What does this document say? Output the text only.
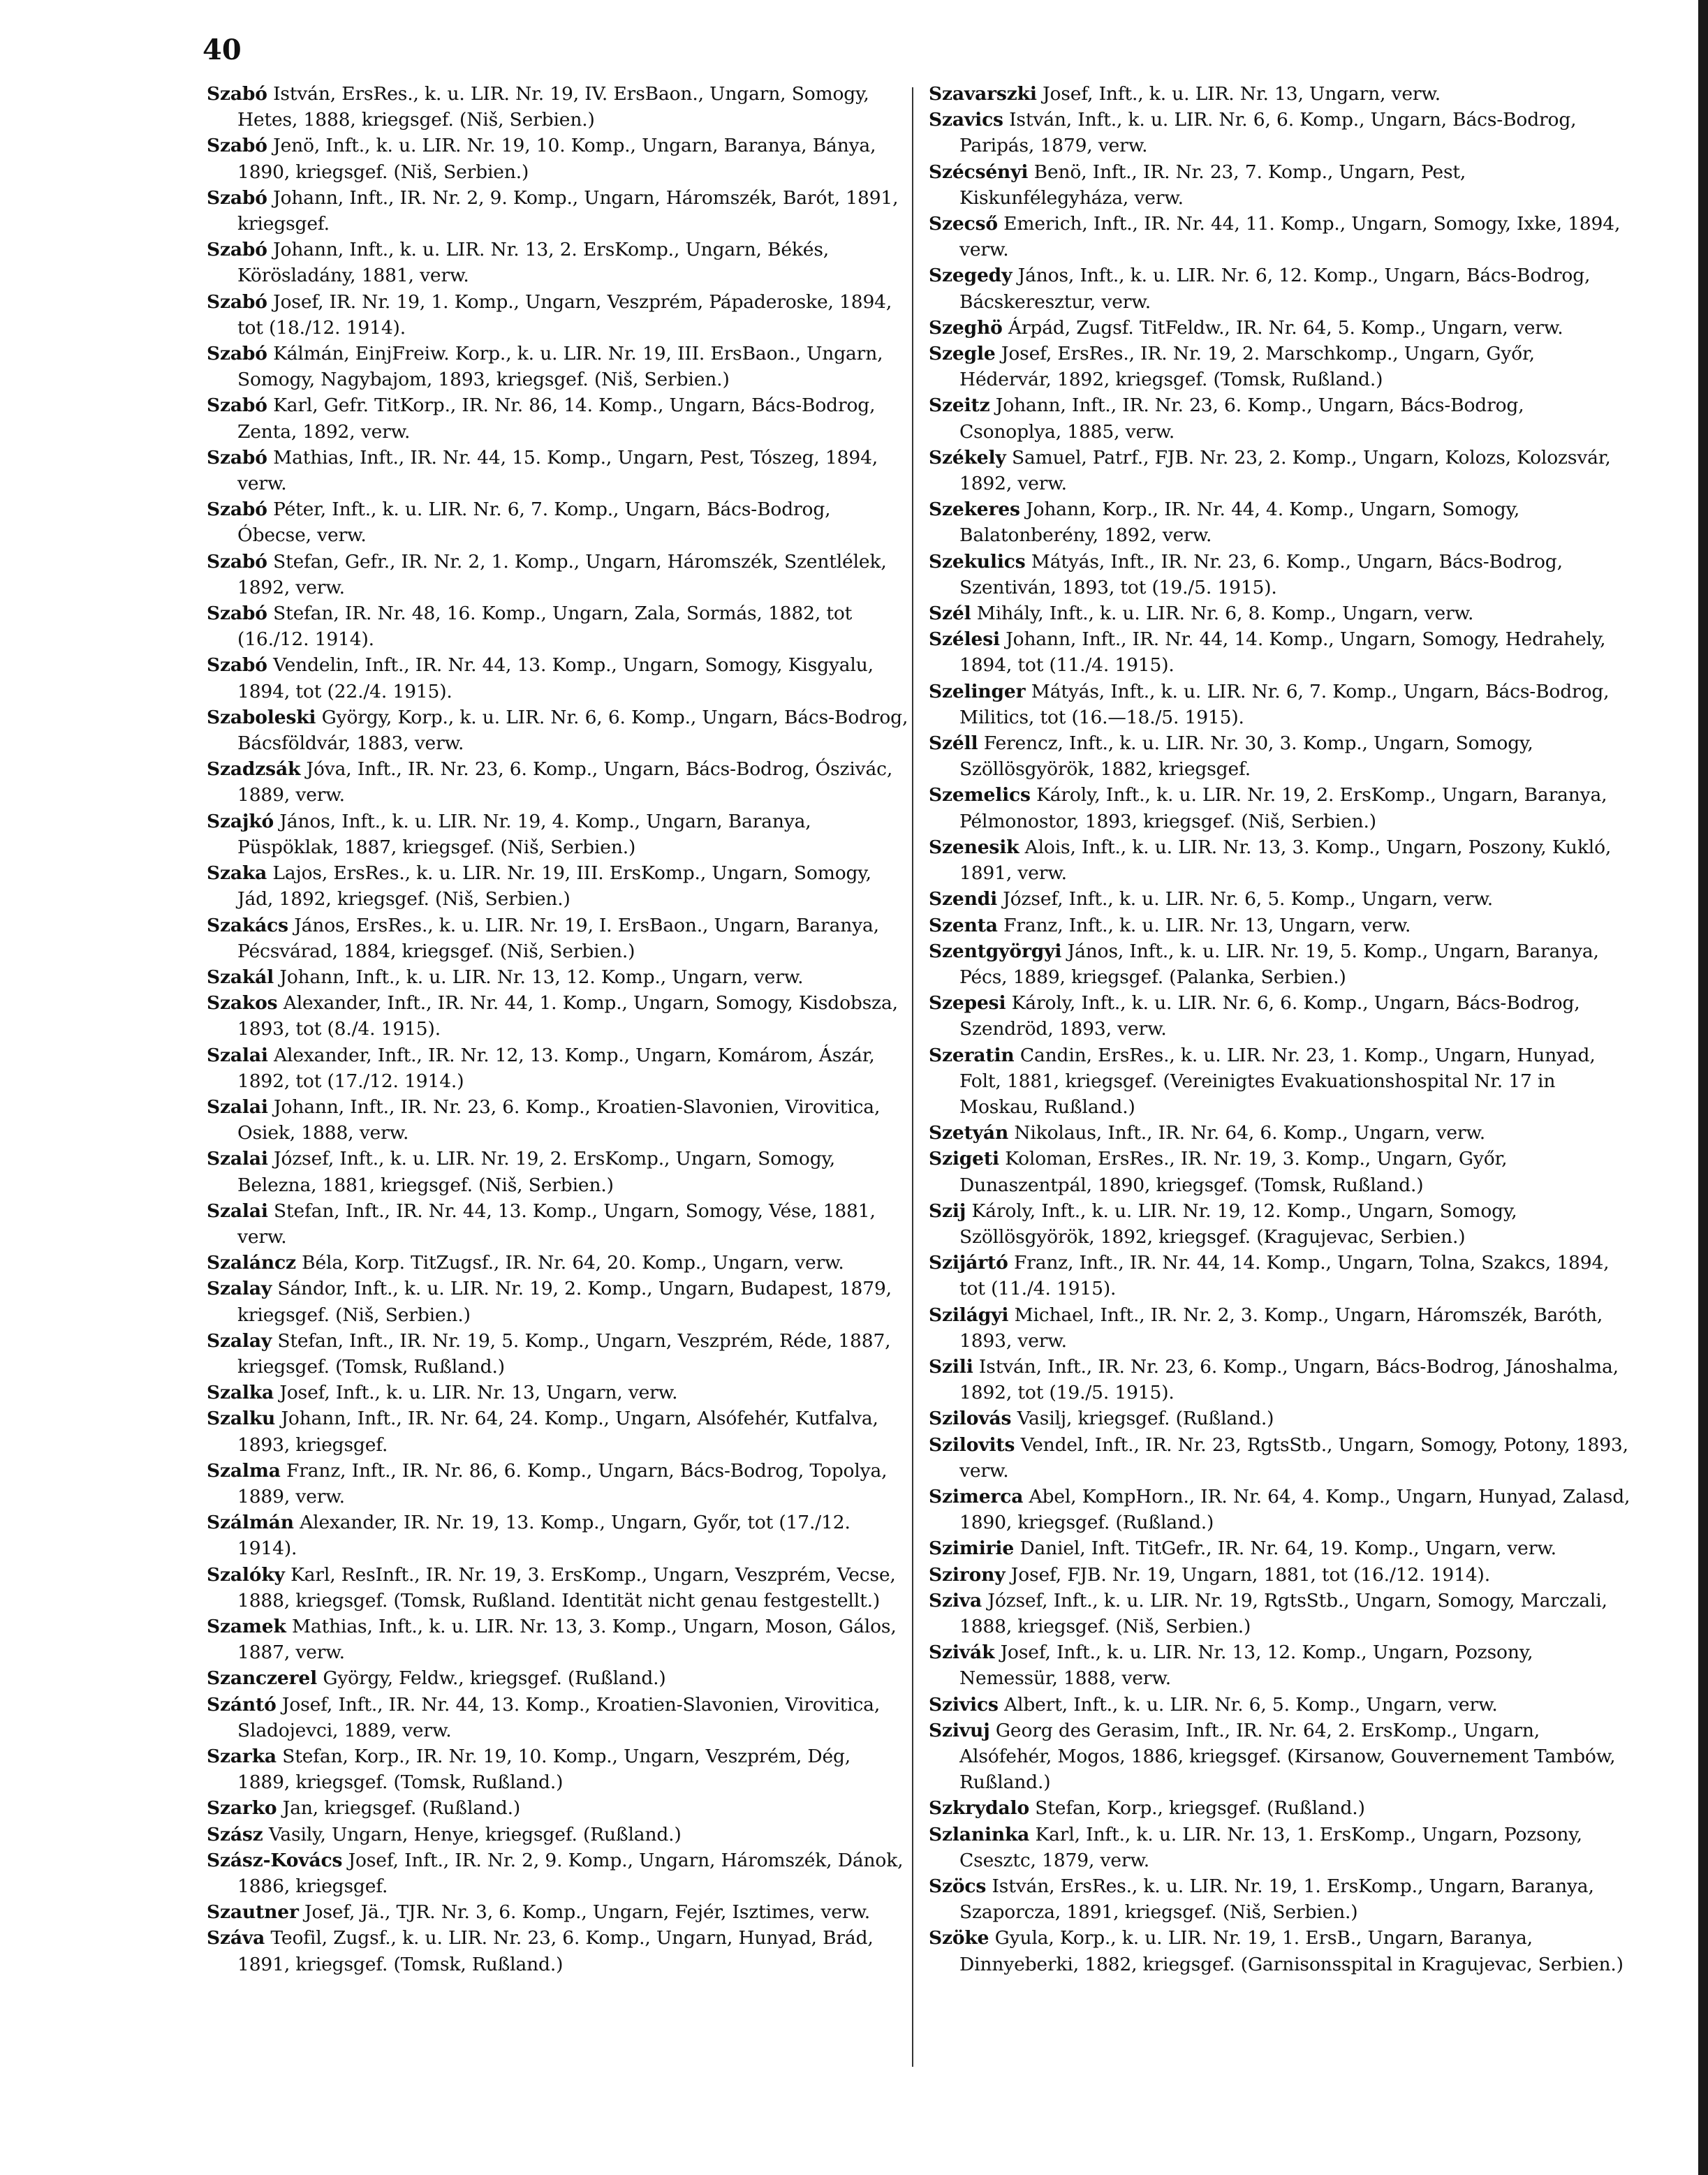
40
Szabó István, ErsRes., k. u. LIR. Nr. 19, IV. ErsBaon., Ungarn, Somogy, Hetes, 1888, kriegsgef. (Niš, Serbien.)
Szabó Jenö, Inft., k. u. LIR. Nr. 19, 10. Komp., Ungarn, Baranya, Bánya, 1890, kriegsgef. (Niš, Serbien.)
Szabó Johann, Inft., IR. Nr. 2, 9. Komp., Ungarn, Háromszék, Barót, 1891, kriegsgef.
Szabó Johann, Inft., k. u. LIR. Nr. 13, 2. ErsKomp., Ungarn, Békés, Körösladány, 1881, verw.
Szabó Josef, IR. Nr. 19, 1. Komp., Ungarn, Veszprém, Pápaderoske, 1894, tot (18./12. 1914).
Szabó Kálmán, EinjFreiw. Korp., k. u. LIR. Nr. 19, III. ErsBaon., Ungarn, Somogy, Nagybajom, 1893, kriegsgef. (Niš, Serbien.)
Szabó Karl, Gefr. TitKorp., IR. Nr. 86, 14. Komp., Ungarn, Bács-Bodrog, Zenta, 1892, verw.
Szabó Mathias, Inft., IR. Nr. 44, 15. Komp., Ungarn, Pest, Tószeg, 1894, verw.
Szabó Péter, Inft., k. u. LIR. Nr. 6, 7. Komp., Ungarn, Bács-Bodrog, Óbecse, verw.
Szabó Stefan, Gefr., IR. Nr. 2, 1. Komp., Ungarn, Háromszék, Szentlélek, 1892, verw.
Szabó Stefan, IR. Nr. 48, 16. Komp., Ungarn, Zala, Sormás, 1882, tot (16./12. 1914).
Szabó Vendelin, Inft., IR. Nr. 44, 13. Komp., Ungarn, Somogy, Kisgyalu, 1894, tot (22./4. 1915).
Szaboleski György, Korp., k. u. LIR. Nr. 6, 6. Komp., Ungarn, Bács-Bodrog, Bácsföldvár, 1883, verw.
Szadzsák Jóva, Inft., IR. Nr. 23, 6. Komp., Ungarn, Bács-Bodrog, Ószivác, 1889, verw.
Szajkó János, Inft., k. u. LIR. Nr. 19, 4. Komp., Ungarn, Baranya, Püspöklak, 1887, kriegsgef. (Niš, Serbien.)
Szaka Lajos, ErsRes., k. u. LIR. Nr. 19, III. ErsKomp., Ungarn, Somogy, Jád, 1892, kriegsgef. (Niš, Serbien.)
Szakács János, ErsRes., k. u. LIR. Nr. 19, I. ErsBaon., Ungarn, Baranya, Pécsvárad, 1884, kriegsgef. (Niš, Serbien.)
Szakál Johann, Inft., k. u. LIR. Nr. 13, 12. Komp., Ungarn, verw.
Szakos Alexander, Inft., IR. Nr. 44, 1. Komp., Ungarn, Somogy, Kisdobsza, 1893, tot (8./4. 1915).
Szalai Alexander, Inft., IR. Nr. 12, 13. Komp., Ungarn, Komárom, Ászár, 1892, tot (17./12. 1914.)
Szalai Johann, Inft., IR. Nr. 23, 6. Komp., Kroatien-Slavonien, Virovitica, Osiek, 1888, verw.
Szalai József, Inft., k. u. LIR. Nr. 19, 2. ErsKomp., Ungarn, Somogy, Belezna, 1881, kriegsgef. (Niš, Serbien.)
Szalai Stefan, Inft., IR. Nr. 44, 13. Komp., Ungarn, Somogy, Vése, 1881, verw.
Szaláncz Béla, Korp. TitZugsf., IR. Nr. 64, 20. Komp., Ungarn, verw.
Szalay Sándor, Inft., k. u. LIR. Nr. 19, 2. Komp., Ungarn, Budapest, 1879, kriegsgef. (Niš, Serbien.)
Szalay Stefan, Inft., IR. Nr. 19, 5. Komp., Ungarn, Veszprém, Réde, 1887, kriegsgef. (Tomsk, Rußland.)
Szalka Josef, Inft., k. u. LIR. Nr. 13, Ungarn, verw.
Szalku Johann, Inft., IR. Nr. 64, 24. Komp., Ungarn, Alsófehér, Kutfalva, 1893, kriegsgef.
Szalma Franz, Inft., IR. Nr. 86, 6. Komp., Ungarn, Bács-Bodrog, Topolya, 1889, verw.
Szálmán Alexander, IR. Nr. 19, 13. Komp., Ungarn, Győr, tot (17./12. 1914).
Szalóky Karl, ResInft., IR. Nr. 19, 3. ErsKomp., Ungarn, Veszprém, Vecse, 1888, kriegsgef. (Tomsk, Rußland. Identität nicht genau festgestellt.)
Szamek Mathias, Inft., k. u. LIR. Nr. 13, 3. Komp., Ungarn, Moson, Gálos, 1887, verw.
Szanczerel György, Feldw., kriegsgef. (Rußland.)
Szántó Josef, Inft., IR. Nr. 44, 13. Komp., Kroatien-Slavonien, Virovitica, Sladojevci, 1889, verw.
Szarka Stefan, Korp., IR. Nr. 19, 10. Komp., Ungarn, Veszprém, Dég, 1889, kriegsgef. (Tomsk, Rußland.)
Szarko Jan, kriegsgef. (Rußland.)
Szász Vasily, Ungarn, Henye, kriegsgef. (Rußland.)
Szász-Kovács Josef, Inft., IR. Nr. 2, 9. Komp., Ungarn, Háromszék, Dánok, 1886, kriegsgef.
Szautner Josef, Jä., TJR. Nr. 3, 6. Komp., Ungarn, Fejér, Isztimes, verw.
Száva Teofil, Zugsf., k. u. LIR. Nr. 23, 6. Komp., Ungarn, Hunyad, Brád, 1891, kriegsgef. (Tomsk, Rußland.)
Szavarszki Josef, Inft., k. u. LIR. Nr. 13, Ungarn, verw.
Szavics István, Inft., k. u. LIR. Nr. 6, 6. Komp., Ungarn, Bács-Bodrog, Paripás, 1879, verw.
Szécsényi Benö, Inft., IR. Nr. 23, 7. Komp., Ungarn, Pest, Kiskunfélegyháza, verw.
Szecső Emerich, Inft., IR. Nr. 44, 11. Komp., Ungarn, Somogy, Ixke, 1894, verw.
Szegedy János, Inft., k. u. LIR. Nr. 6, 12. Komp., Ungarn, Bács-Bodrog, Bácskeresztur, verw.
Szeghö Árpád, Zugsf. TitFeldw., IR. Nr. 64, 5. Komp., Ungarn, verw.
Szegle Josef, ErsRes., IR. Nr. 19, 2. Marschkomp., Ungarn, Győr, Hédervár, 1892, kriegsgef. (Tomsk, Rußland.)
Szeitz Johann, Inft., IR. Nr. 23, 6. Komp., Ungarn, Bács-Bodrog, Csonoplya, 1885, verw.
Székely Samuel, Patrf., FJB. Nr. 23, 2. Komp., Ungarn, Kolozs, Kolozsvár, 1892, verw.
Szekeres Johann, Korp., IR. Nr. 44, 4. Komp., Ungarn, Somogy, Balatonberény, 1892, verw.
Szekulics Mátyás, Inft., IR. Nr. 23, 6. Komp., Ungarn, Bács-Bodrog, Szentiván, 1893, tot (19./5. 1915).
Szél Mihály, Inft., k. u. LIR. Nr. 6, 8. Komp., Ungarn, verw.
Szélesi Johann, Inft., IR. Nr. 44, 14. Komp., Ungarn, Somogy, Hedrahely, 1894, tot (11./4. 1915).
Szelinger Mátyás, Inft., k. u. LIR. Nr. 6, 7. Komp., Ungarn, Bács-Bodrog, Militics, tot (16.—18./5. 1915).
Széll Ferencz, Inft., k. u. LIR. Nr. 30, 3. Komp., Ungarn, Somogy, Szöllösgyörök, 1882, kriegsgef.
Szemelics Károly, Inft., k. u. LIR. Nr. 19, 2. ErsKomp., Ungarn, Baranya, Pélmonostor, 1893, kriegsgef. (Niš, Serbien.)
Szenesik Alois, Inft., k. u. LIR. Nr. 13, 3. Komp., Ungarn, Poszony, Kukló, 1891, verw.
Szendi József, Inft., k. u. LIR. Nr. 6, 5. Komp., Ungarn, verw.
Szenta Franz, Inft., k. u. LIR. Nr. 13, Ungarn, verw.
Szentgyörgyi János, Inft., k. u. LIR. Nr. 19, 5. Komp., Ungarn, Baranya, Pécs, 1889, kriegsgef. (Palanka, Serbien.)
Szepesi Károly, Inft., k. u. LIR. Nr. 6, 6. Komp., Ungarn, Bács-Bodrog, Szendröd, 1893, verw.
Szeratin Candin, ErsRes., k. u. LIR. Nr. 23, 1. Komp., Ungarn, Hunyad, Folt, 1881, kriegsgef. (Vereinigtes Evakuationshospital Nr. 17 in Moskau, Rußland.)
Szetyán Nikolaus, Inft., IR. Nr. 64, 6. Komp., Ungarn, verw.
Szigeti Koloman, ErsRes., IR. Nr. 19, 3. Komp., Ungarn, Győr, Dunaszentpál, 1890, kriegsgef. (Tomsk, Rußland.)
Szij Károly, Inft., k. u. LIR. Nr. 19, 12. Komp., Ungarn, Somogy, Szöllösgyörök, 1892, kriegsgef. (Kragujevac, Serbien.)
Szijártó Franz, Inft., IR. Nr. 44, 14. Komp., Ungarn, Tolna, Szakcs, 1894, tot (11./4. 1915).
Szilágyi Michael, Inft., IR. Nr. 2, 3. Komp., Ungarn, Háromszék, Baróth, 1893, verw.
Szili István, Inft., IR. Nr. 23, 6. Komp., Ungarn, Bács-Bodrog, Jánoshalma, 1892, tot (19./5. 1915).
Szilovás Vasilj, kriegsgef. (Rußland.)
Szilovits Vendel, Inft., IR. Nr. 23, RgtsStb., Ungarn, Somogy, Potony, 1893, verw.
Szimerca Abel, KompHorn., IR. Nr. 64, 4. Komp., Ungarn, Hunyad, Zalasd, 1890, kriegsgef. (Rußland.)
Szimirie Daniel, Inft. TitGefr., IR. Nr. 64, 19. Komp., Ungarn, verw.
Szirony Josef, FJB. Nr. 19, Ungarn, 1881, tot (16./12. 1914).
Sziva József, Inft., k. u. LIR. Nr. 19, RgtsStb., Ungarn, Somogy, Marczali, 1888, kriegsgef. (Niš, Serbien.)
Szivák Josef, Inft., k. u. LIR. Nr. 13, 12. Komp., Ungarn, Pozsony, Nemessür, 1888, verw.
Szivics Albert, Inft., k. u. LIR. Nr. 6, 5. Komp., Ungarn, verw.
Szivuj Georg des Gerasim, Inft., IR. Nr. 64, 2. ErsKomp., Ungarn, Alsófehér, Mogos, 1886, kriegsgef. (Kirsanow, Gouvernement Tambów, Rußland.)
Szkrydalo Stefan, Korp., kriegsgef. (Rußland.)
Szlaninka Karl, Inft., k. u. LIR. Nr. 13, 1. ErsKomp., Ungarn, Pozsony, Csesztc, 1879, verw.
Szöcs István, ErsRes., k. u. LIR. Nr. 19, 1. ErsKomp., Ungarn, Baranya, Szaporcza, 1891, kriegsgef. (Niš, Serbien.)
Szöke Gyula, Korp., k. u. LIR. Nr. 19, 1. ErsB., Ungarn, Baranya, Dinnyeberki, 1882, kriegsgef. (Garnisonsspital in Kragujevac, Serbien.)
